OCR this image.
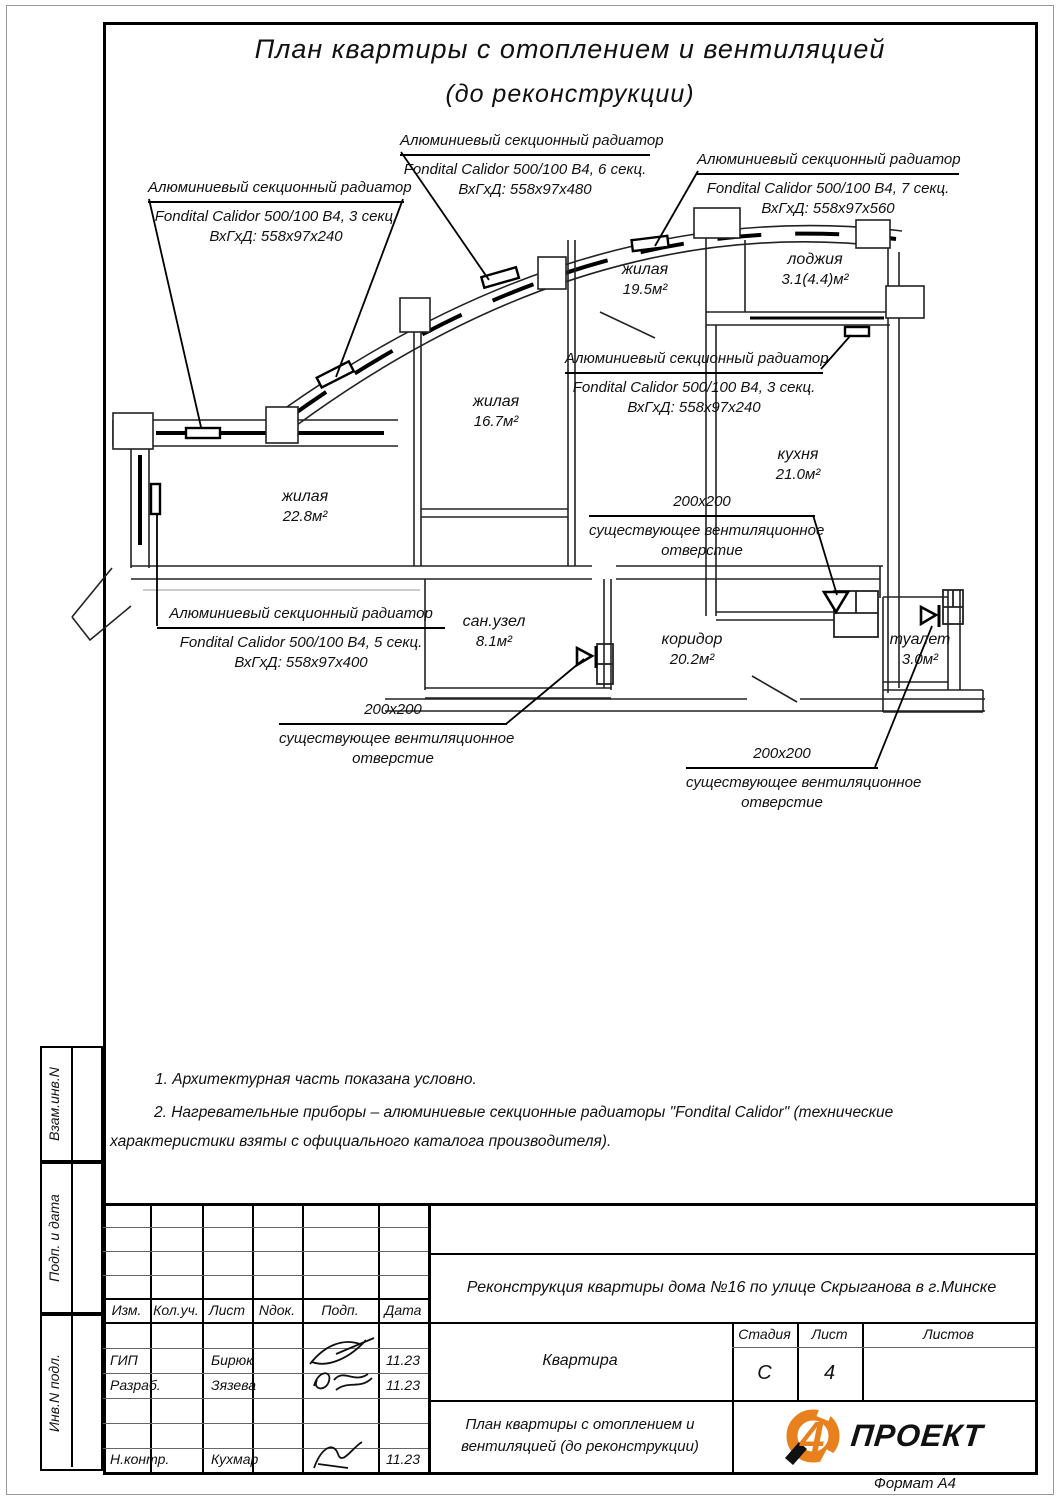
План квартиры с отоплением и вентиляцией
(до реконструкции)
жилая
19.5м²
лоджия
3.1(4.4)м²
жилая
16.7м²
жилая
22.8м²
кухня
21.0м²
сан.узел
8.1м²	коридор
20.2м²
туалет
3.0м²
Алюминиевый секционный радиатор
Fondital Calidor 500/100 В4, 3 секц.
ВхГхД: 558х97х240
Алюминиевый секционный радиатор
Fondital Calidor 500/100 В4, 6 секц.
ВхГхД: 558х97х480
Алюминиевый секционный радиатор
Fondital Calidor 500/100 В4, 7 секц.
ВхГхД: 558х97х560
Алюминиевый секционный радиатор
Fondital Calidor 500/100 В4, 3 секц.
ВхГхД: 558х97х240
Алюминиевый секционный радиатор
Fondital Calidor 500/100 В4, 5 секц.
ВхГхД: 558х97х400
200х200
существующее вентиляционное
отверстие
200х200
существующее вентиляционное
отверстие	200х200
существующее вентиляционное
отверстие
1. Архитектурная часть показана условно.

2. Нагревательные приборы – алюминиевые секционные радиаторы "Fondital Calidor" (технические характеристики взяты с официального каталога производителя).

Взам.инв.N
Подп. и дата
Инв.N подл.
Изм. Кол.уч. Лист Nдок.	Подп.	Дата
ГИП	Бирюк	11.23
Разраб.	Зязева	11.23
Н.контр.	Кухмар	11.23
Реконструкция квартиры дома №16 по улице Скрыганова в г.Минске
Квартира
Стадия	Лист	Листов
С	4
План квартиры с отоплением и
вентиляцией (до реконструкции) 4 ПРОЕКТ
Формат А4
